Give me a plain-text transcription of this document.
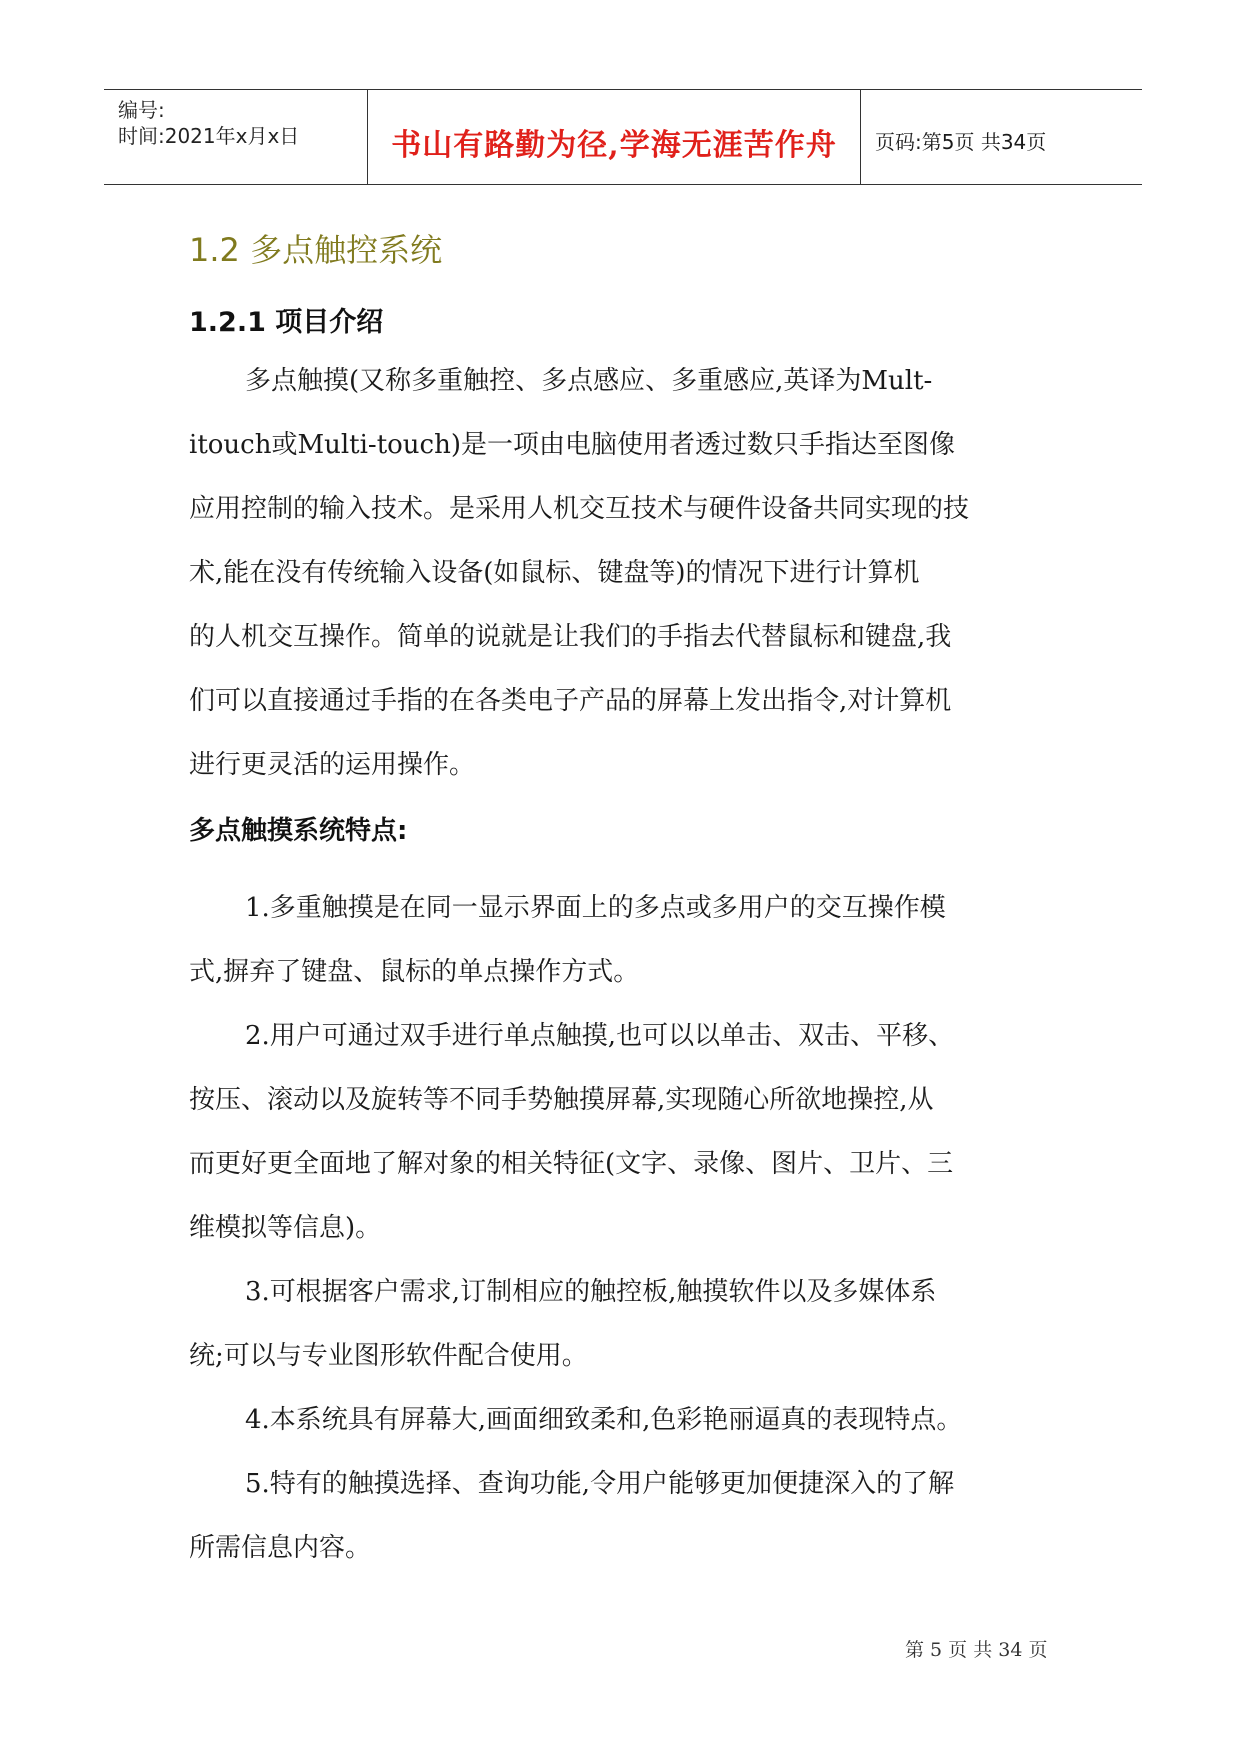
编号:
时间:2021年x月x日	书山有路勤为径,学海无涯苦作舟	页码:第5页 共34页
1.2 多点触控系统
1.2.1 项目介绍
多点触摸(又称多重触控、多点感应、多重感应,英译为Mult-
itouch或Multi-touch)是一项由电脑使用者透过数只手指达至图像
应用控制的输入技术。是采用人机交互技术与硬件设备共同实现的技
术,能在没有传统输入设备(如鼠标、键盘等)的情况下进行计算机
的人机交互操作。简单的说就是让我们的手指去代替鼠标和键盘,我
们可以直接通过手指的在各类电子产品的屏幕上发出指令,对计算机
进行更灵活的运用操作。
多点触摸系统特点:
1.多重触摸是在同一显示界面上的多点或多用户的交互操作模
式,摒弃了键盘、鼠标的单点操作方式。
2.用户可通过双手进行单点触摸,也可以以单击、双击、平移、
按压、滚动以及旋转等不同手势触摸屏幕,实现随心所欲地操控,从
而更好更全面地了解对象的相关特征(文字、录像、图片、卫片、三
维模拟等信息)。
3.可根据客户需求,订制相应的触控板,触摸软件以及多媒体系
统;可以与专业图形软件配合使用。
4.本系统具有屏幕大,画面细致柔和,色彩艳丽逼真的表现特点。
5.特有的触摸选择、查询功能,令用户能够更加便捷深入的了解
所需信息内容。
第 5 页 共 34 页
